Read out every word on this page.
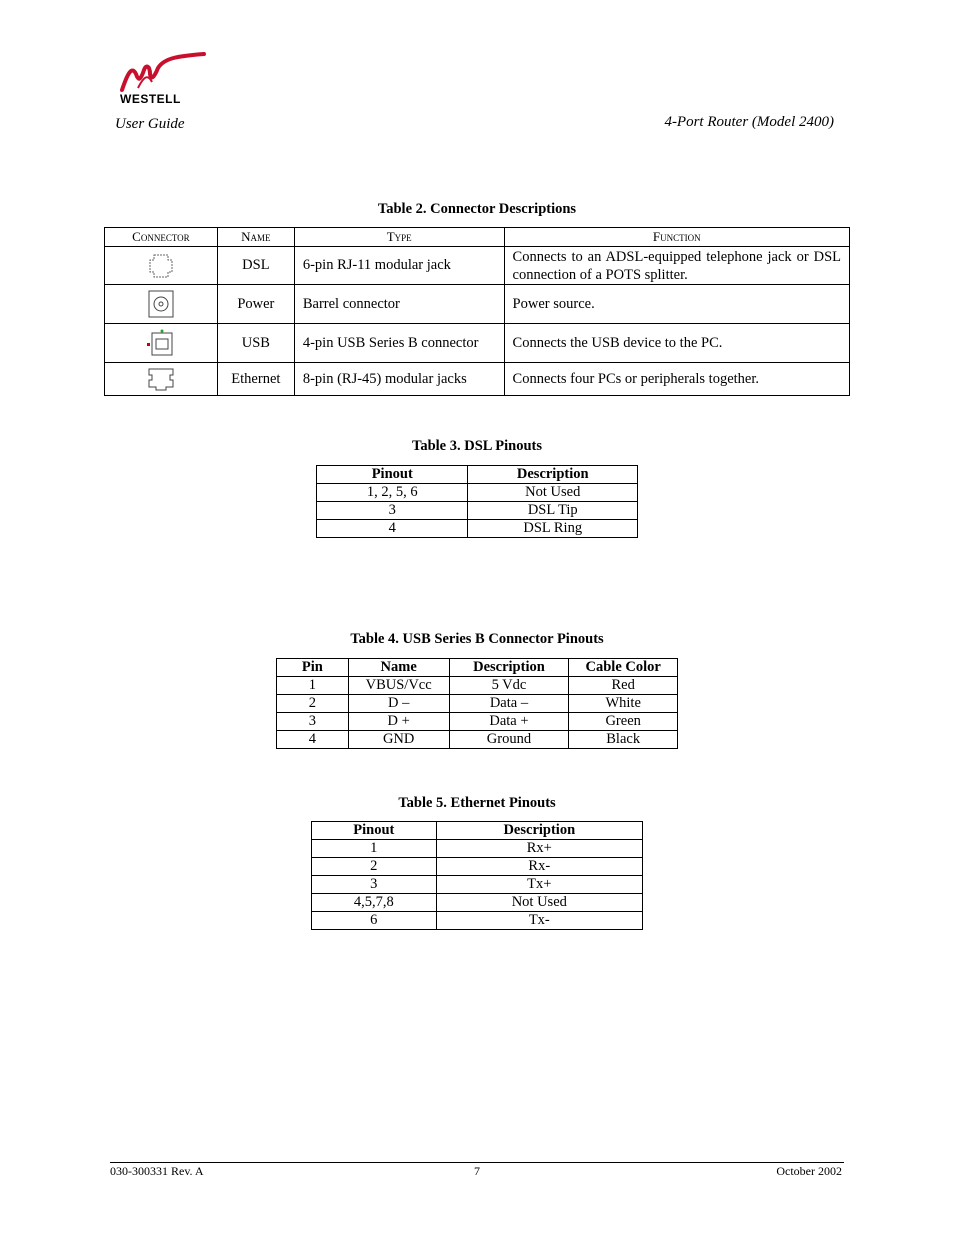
WESTELL
User Guide	4-Port Router (Model 2400)
Table 2. Connector Descriptions
Connector	Name	Type	Function

	DSL	6-pin RJ-11 modular jack	Connects to an ADSL-equipped telephone jack or DSL connection of a POTS splitter.

	Power	Barrel connector	Power source.

	USB	4-pin USB Series B connector	Connects the USB device to the PC.

	Ethernet	8-pin (RJ-45) modular jacks	Connects four PCs or peripherals together.
Table 3. DSL Pinouts
Pinout	Description
1, 2, 5, 6	Not Used
3	DSL Tip
4	DSL Ring
Table 4. USB Series B Connector Pinouts
Pin	Name	Description	Cable Color
1	VBUS/Vcc	5 Vdc	Red
2	D –	Data –	White
3	D +	Data +	Green
4	GND	Ground	Black
Table 5. Ethernet Pinouts
Pinout	Description
1	Rx+
2	Rx-
3	Tx+
4,5,7,8	Not Used
6	Tx-
030-300331 Rev. A	7	October 2002
